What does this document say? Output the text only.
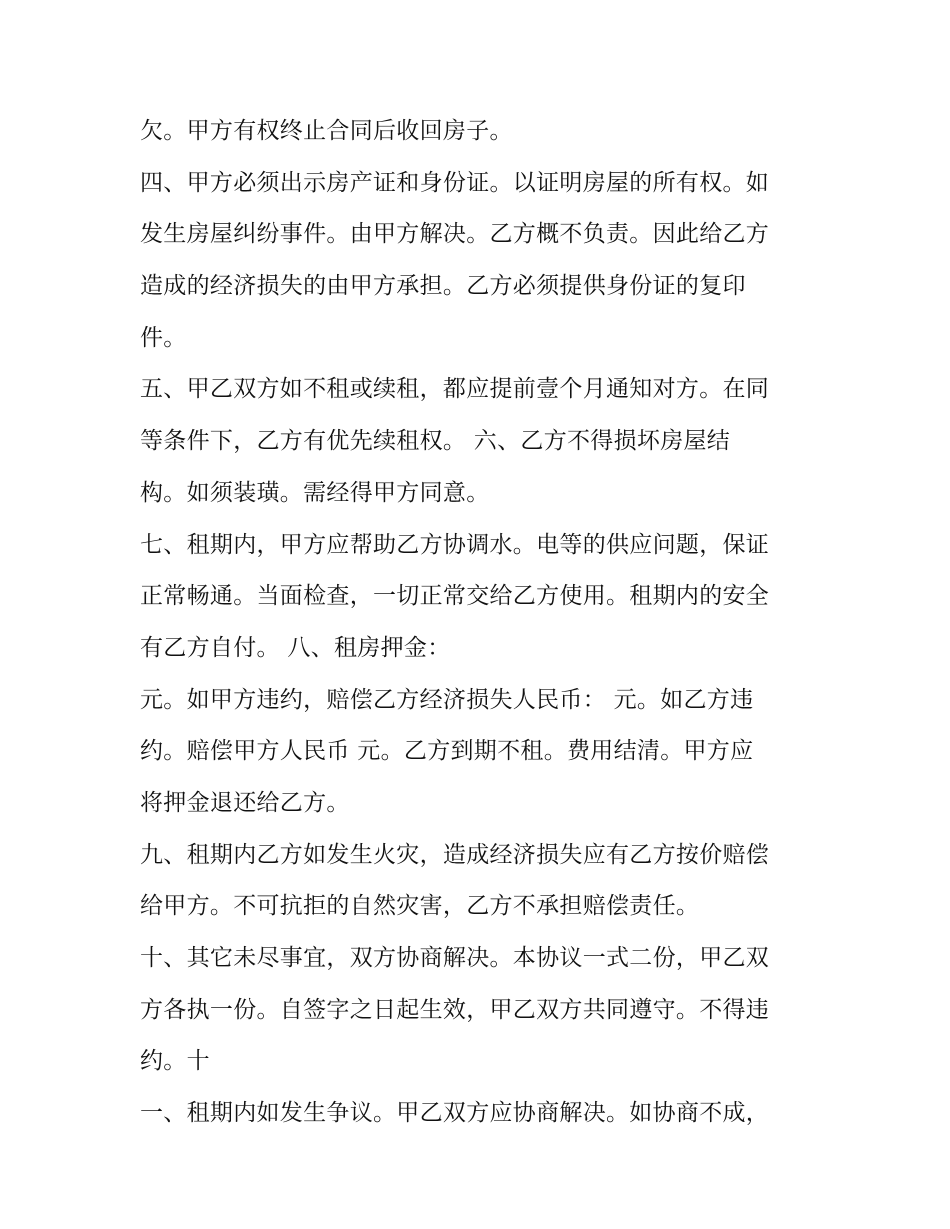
欠。甲方有权终止合同后收回房子。
四、甲方必须出示房产证和身份证。以证明房屋的所有权。如
发生房屋纠纷事件。由甲方解决。乙方概不负责。因此给乙方
造成的经济损失的由甲方承担。乙方必须提供身份证的复印
件。
五、甲乙双方如不租或续租，都应提前壹个月通知对方。在同
等条件下，乙方有优先续租权。 六、乙方不得损坏房屋结
构。如须装璜。需经得甲方同意。
七、租期内，甲方应帮助乙方协调水。电等的供应问题，保证
正常畅通。当面检查，一切正常交给乙方使用。租期内的安全
有乙方自付。 八、租房押金：
元。如甲方违约，赔偿乙方经济损失人民币： 元。如乙方违
约。赔偿甲方人民币 元。乙方到期不租。费用结清。甲方应
将押金退还给乙方。
九、租期内乙方如发生火灾，造成经济损失应有乙方按价赔偿
给甲方。不可抗拒的自然灾害，乙方不承担赔偿责任。
十、其它未尽事宜，双方协商解决。本协议一式二份，甲乙双
方各执一份。自签字之日起生效，甲乙双方共同遵守。不得违
约。十
一、租期内如发生争议。甲乙双方应协商解决。如协商不成，
